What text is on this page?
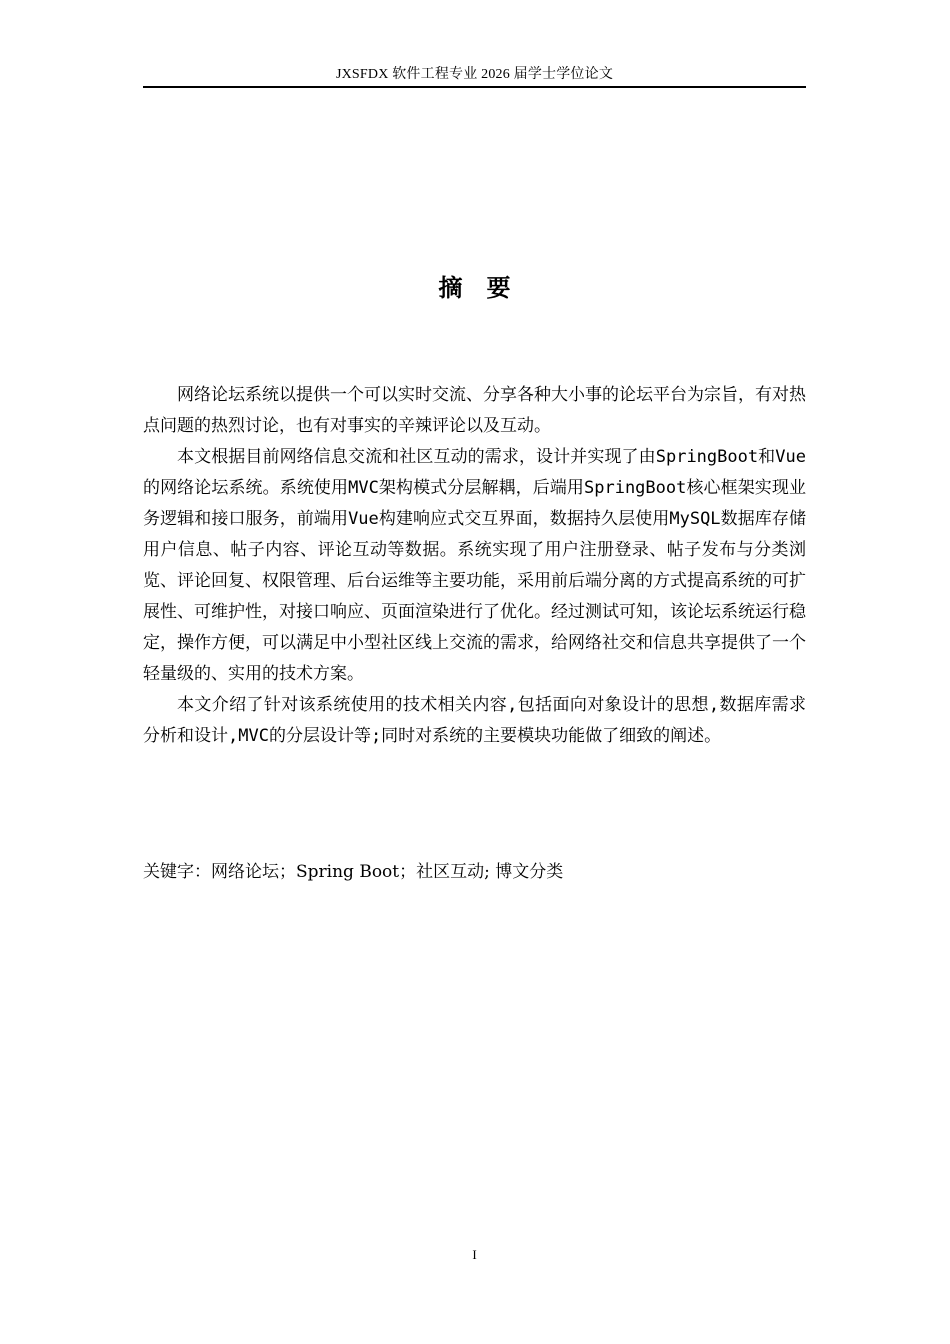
JXSFDX 软件工程专业 2026 届学士学位论文
摘　要

网络论坛系统以提供一个可以实时交流、分享各种大小事的论坛平台为宗旨，有对热点问题的热烈讨论，也有对事实的辛辣评论以及互动。

本文根据目前网络信息交流和社区互动的需求，设计并实现了由SpringBoot和Vue的网络论坛系统。系统使用MVC架构模式分层解耦，后端用SpringBoot核心框架实现业务逻辑和接口服务，前端用Vue构建响应式交互界面，数据持久层使用MySQL数据库存储用户信息、帖子内容、评论互动等数据。系统实现了用户注册登录、帖子发布与分类浏览、评论回复、权限管理、后台运维等主要功能，采用前后端分离的方式提高系统的可扩展性、可维护性，对接口响应、页面渲染进行了优化。经过测试可知，该论坛系统运行稳定，操作方便，可以满足中小型社区线上交流的需求，给网络社交和信息共享提供了一个轻量级的、实用的技术方案。

本文介绍了针对该系统使用的技术相关内容,包括面向对象设计的思想,数据库需求分析和设计,MVC的分层设计等;同时对系统的主要模块功能做了细致的阐述。

关键字：网络论坛；Spring Boot；社区互动; 博文分类
I
